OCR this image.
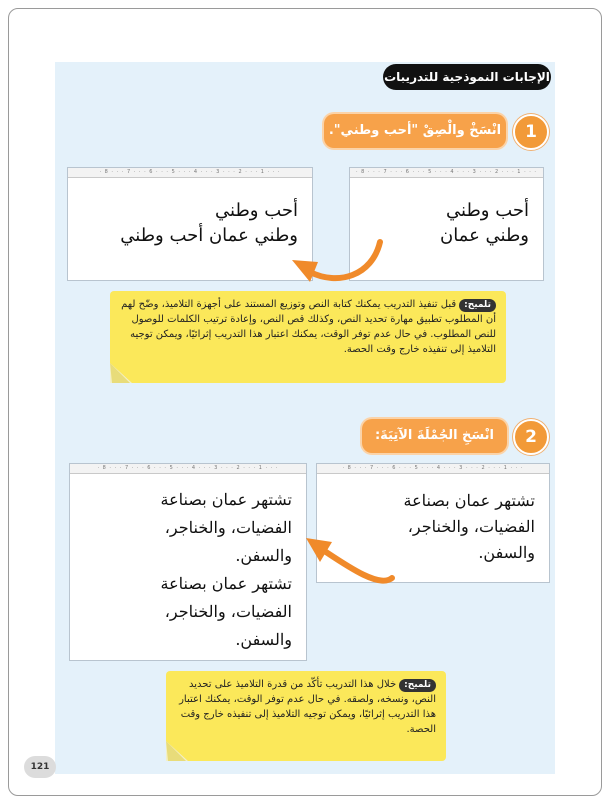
الإجابات النموذجية للتدريبات
1
انْسَخْ والْصِقْ "أحب وطني".
· 8 · · · 7 · · · 6 · · · 5 · · · 4 · · · 3 · · · 2 · · · 1 · · ·
أحب وطني
وطني عمان
· 8 · · · 7 · · · 6 · · · 5 · · · 4 · · · 3 · · · 2 · · · 1 · · ·
أحب وطني
وطني عمان أحب وطني
تلميح:قبل تنفيذ التدريب يمكنك كتابة النص وتوزيع المستند على أجهزة التلاميذ، وضّح لهم أن المطلوب تطبيق مهارة تحديد النص، وكذلك قص النص، وإعادة ترتيب الكلمات للوصول للنص المطلوب. في حال عدم توفر الوقت، يمكنك اعتبار هذا التدريب إثرائيًا، ويمكن توجيه التلاميذ إلى تنفيذه خارج وقت الحصة.
2
انْسَخِ الجُمْلَةَ الآتِيَةَ:
· 8 · · · 7 · · · 6 · · · 5 · · · 4 · · · 3 · · · 2 · · · 1 · · ·
تشتهر عمان بصناعة
الفضيات، والخناجر،
والسفن.
· 8 · · · 7 · · · 6 · · · 5 · · · 4 · · · 3 · · · 2 · · · 1 · · ·
تشتهر عمان بصناعة
الفضيات، والخناجر،
والسفن.
تشتهر عمان بصناعة
الفضيات، والخناجر،
والسفن.
تلميح:خلال هذا التدريب تأكّد من قدرة التلاميذ على تحديد النص، ونسخه، ولصقه. في حال عدم توفر الوقت، يمكنك اعتبار هذا التدريب إثرائيًا، ويمكن توجيه التلاميذ إلى تنفيذه خارج وقت الحصة.
121
